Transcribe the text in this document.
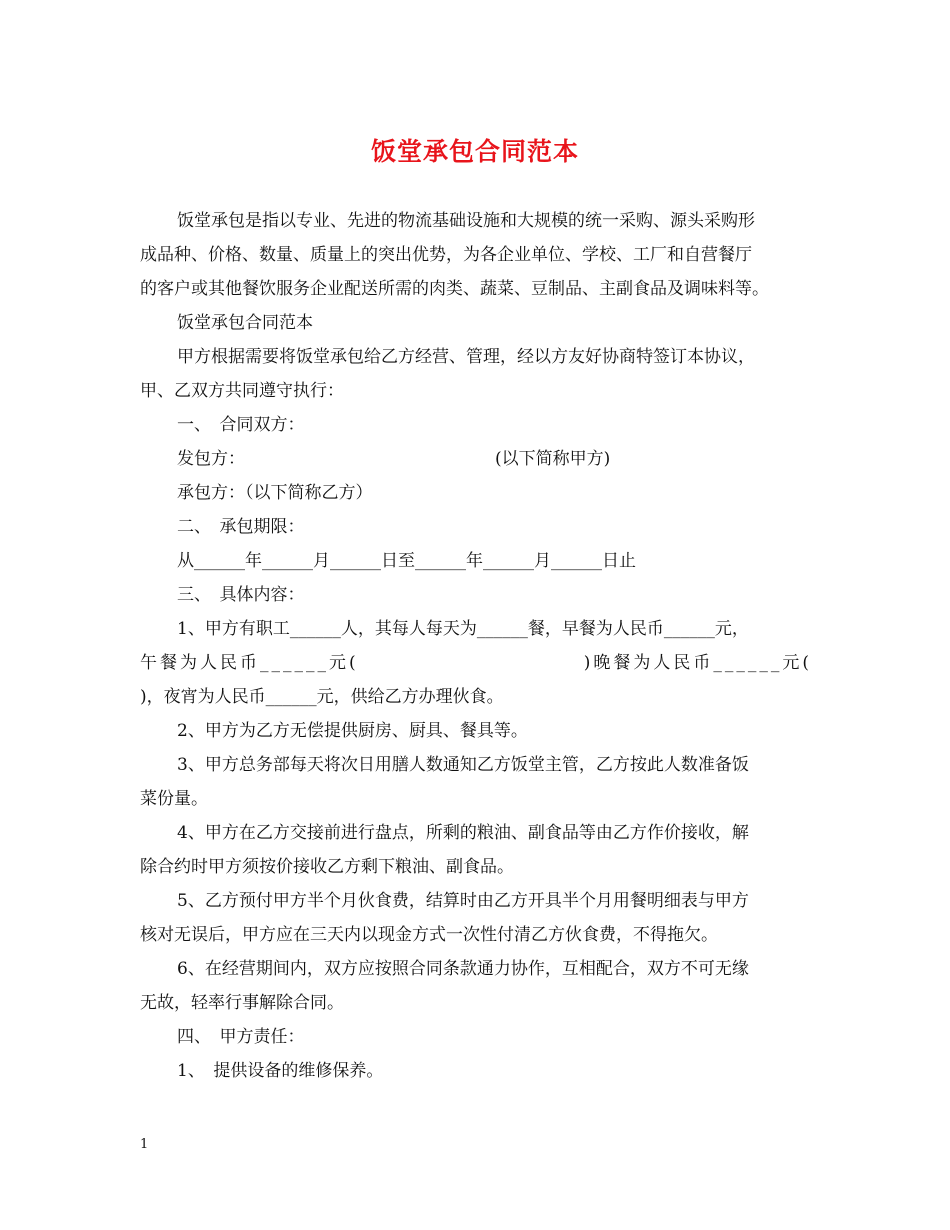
饭堂承包合同范本

饭堂承包是指以专业、先进的物流基础设施和大规模的统一采购、源头采购形

成品种、价格、数量、质量上的突出优势，为各企业单位、学校、工厂和自营餐厅

的客户或其他餐饮服务企业配送所需的肉类、蔬菜、豆制品、主副食品及调味料等。

饭堂承包合同范本

甲方根据需要将饭堂承包给乙方经营、管理，经以方友好协商特签订本协议，

甲、乙双方共同遵守执行：

一、　合同双方：

发包方：	(以下简称甲方)

承包方：（以下简称乙方）

二、　承包期限：

从______年______月______日至______年______月______日止

三、　具体内容：

1、甲方有职工______人，其每人每天为______餐，早餐为人民币______元，

午餐为人民币______元(	)晚餐为人民币______元(

)，夜宵为人民币______元，供给乙方办理伙食。

2、甲方为乙方无偿提供厨房、厨具、餐具等。

3、甲方总务部每天将次日用膳人数通知乙方饭堂主管，乙方按此人数准备饭

菜份量。

4、甲方在乙方交接前进行盘点，所剩的粮油、副食品等由乙方作价接收，解

除合约时甲方须按价接收乙方剩下粮油、副食品。

5、乙方预付甲方半个月伙食费，结算时由乙方开具半个月用餐明细表与甲方

核对无误后，甲方应在三天内以现金方式一次性付清乙方伙食费，不得拖欠。

6、在经营期间内，双方应按照合同条款通力协作，互相配合，双方不可无缘

无故，轻率行事解除合同。

四、　甲方责任：

1、　提供设备的维修保养。

1
